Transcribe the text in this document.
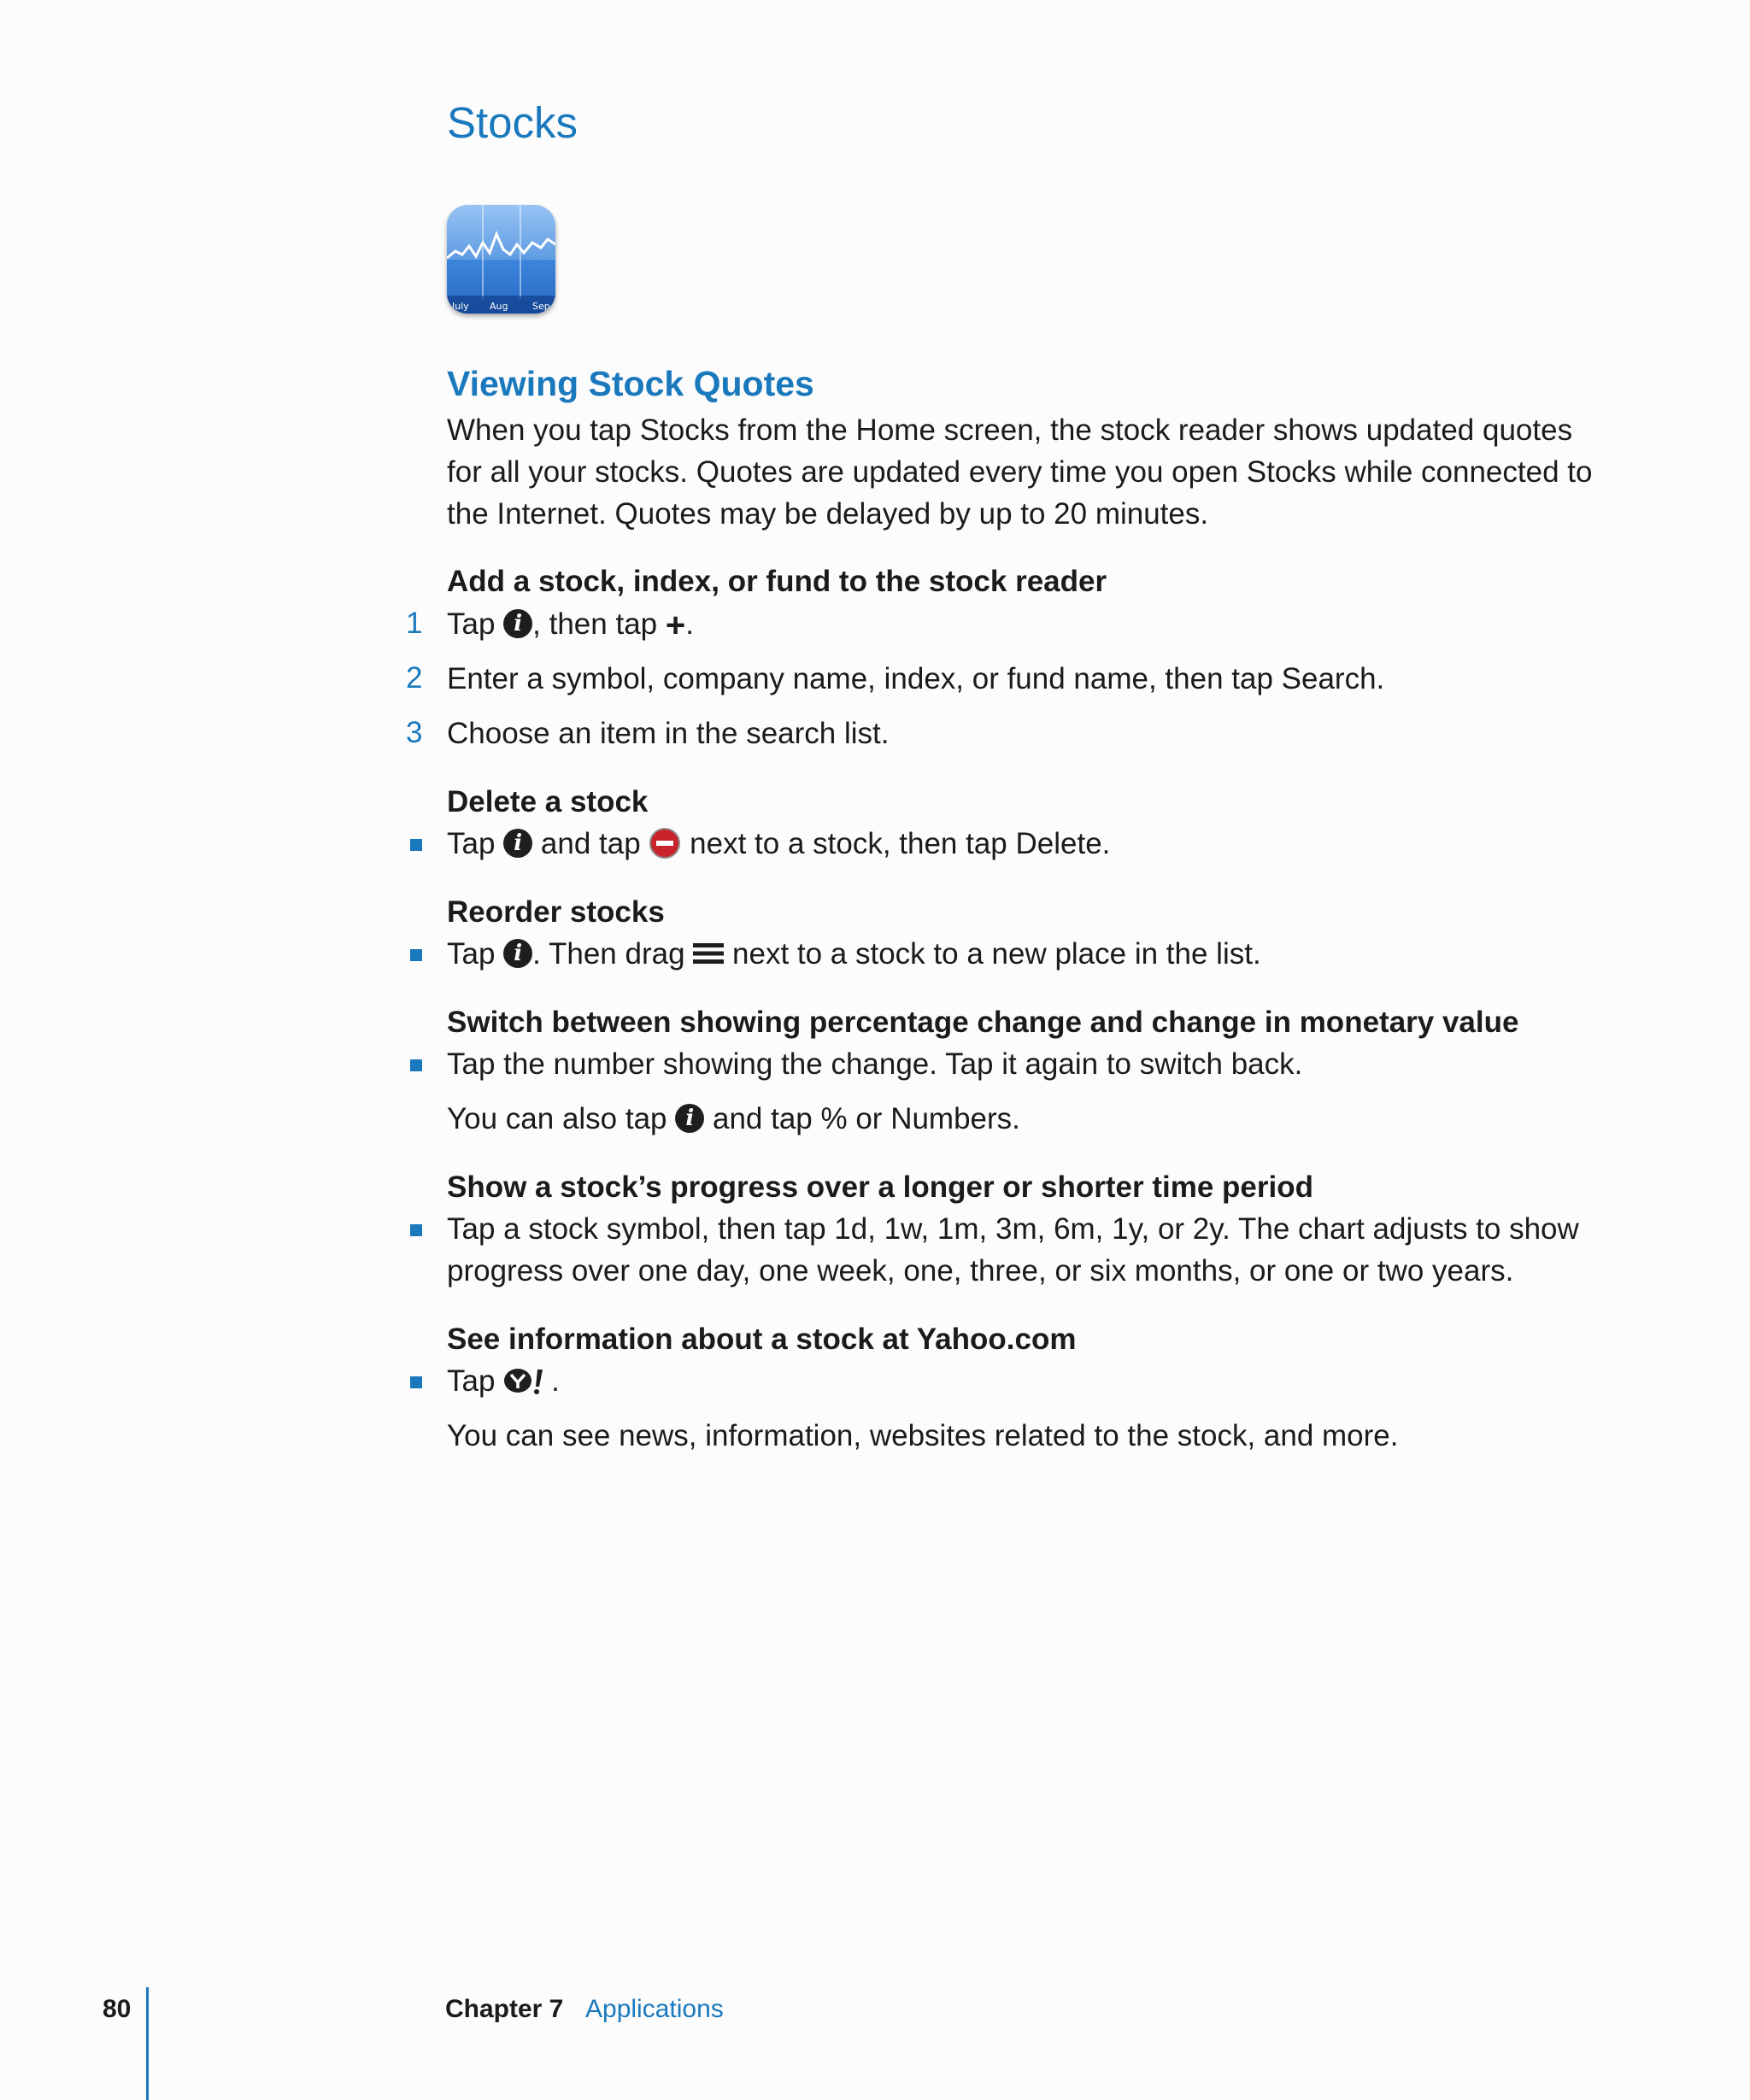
Stocks
July Aug	Sep
Viewing Stock Quotes
When you tap Stocks from the Home screen, the stock reader shows updated quotes for all your stocks. Quotes are updated every time you open Stocks while connected to the Internet. Quotes may be delayed by up to 20 minutes.
Add a stock, index, or fund to the stock reader
1 Tap i , then tap +.
2 Enter a symbol, company name, index, or fund name, then tap Search.
3 Choose an item in the search list.
Delete a stock
Tap i and tap next to a stock, then tap Delete.
Reorder stocks
Tap i . Then drag next to a stock to a new place in the list.
Switch between showing percentage change and change in monetary value
Tap the number showing the change. Tap it again to switch back.
You can also tap i and tap % or Numbers.
Show a stock’s progress over a longer or shorter time period
Tap a stock symbol, then tap 1d, 1w, 1m, 3m, 6m, 1y, or 2y. The chart adjusts to show progress over one day, one week, one, three, or six months, or one or two years.
See information about a stock at Yahoo.com
Tap .
You can see news, information, websites related to the stock, and more.
80	Chapter 7 Applications
